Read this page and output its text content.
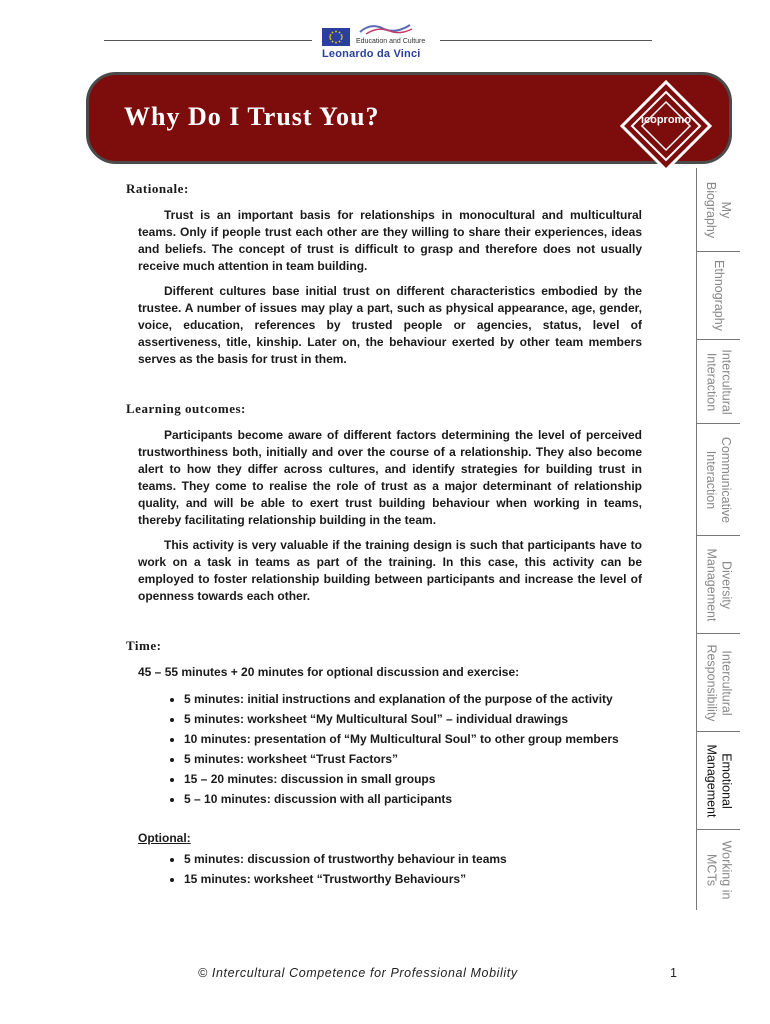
Education and Culture
Leonardo da Vinci
Why Do I Trust You?	icopromo
My
Biography
Ethnography
Intercultural
Interaction
Communicative
Interaction
Diversity
Management
Intercultural
Responsibility
Emotional
Management
Working in
MCTs
Rationale:

Trust is an important basis for relationships in monocultural and multicultural teams. Only if people trust each other are they willing to share their experiences, ideas and beliefs. The concept of trust is difficult to grasp and therefore does not usually receive much attention in team building.

Different cultures base initial trust on different characteristics embodied by the trustee. A number of issues may play a part, such as physical appearance, age, gender, voice, education, references by trusted people or agencies, status, level of assertiveness, title, kinship. Later on, the behaviour exerted by other team members serves as the basis for trust in them.

Learning outcomes:

Participants become aware of different factors determining the level of perceived trustworthiness both, initially and over the course of a relationship. They also become alert to how they differ across cultures, and identify strategies for building trust in teams. They come to realise the role of trust as a major determinant of relationship quality, and will be able to exert trust building behaviour when working in teams, thereby facilitating relationship building in the team.

This activity is very valuable if the training design is such that participants have to work on a task in teams as part of the training. In this case, this activity can be employed to foster relationship building between participants and increase the level of openness towards each other.

Time:
45 – 55 minutes + 20 minutes for optional discussion and exercise:
• 5 minutes: initial instructions and explanation of the purpose of the activity
• 5 minutes: worksheet “My Multicultural Soul” – individual drawings
• 10 minutes: presentation of “My Multicultural Soul” to other group members
• 5 minutes: worksheet “Trust Factors”
• 15 – 20 minutes: discussion in small groups
• 5 – 10 minutes: discussion with all participants
Optional:
• 5 minutes: discussion of trustworthy behaviour in teams
• 15 minutes: worksheet “Trustworthy Behaviours”
© Intercultural Competence for Professional Mobility	1
